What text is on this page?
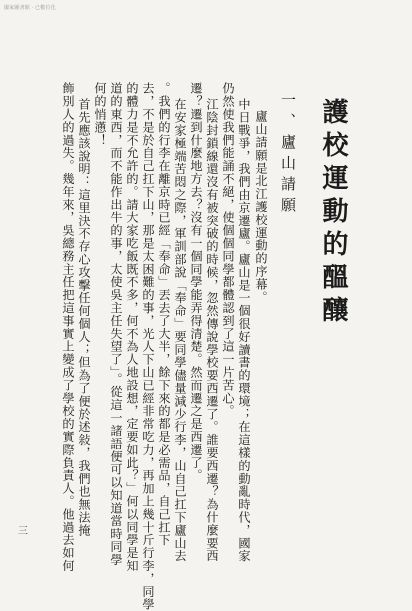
國家圖書館 · 已數位化
護校運動的醞釀
一、廬山請願
廬山請願是北江護校運動的序幕。
中日戰爭，我們由京遷廬。廬山是一個很好讀書的環境；在這樣的動亂時代，國家
仍然使我們能誦不絕，使個個同學都體認到了這一片苦心。
江陰封鎖線還沒有被突破的時候，忽然傳說學校要西遷了。誰要西遷？為什麼要西
遷？遷到什麼地方去？沒有一個同學能弄得清楚。然而遷之是西遷了。
在安家極端苦悶之際，軍訓部說「奉命」要同學儘量減少行李，山自己扛下廬山去
。我們的行李在離京時已經「奉命」丟去了大半，餘下來的都是必需品，自己扛下
去，不是於自己扛下山，那是太困難的事，光人下山已經非常吃力，再加上幾十斤行李，同學
的體力是不允許的。請大家吃飯既不多，何不為人地設想，定要如此？」何以同學是知
道的東西，而不能作出牛的事，太使吳主任失望了」。從這一諸語便可以知道當時同學
何的悄懣！
首先應該說明：這里決不存心攻擊任何個人；但為了便於述敍，我們也無法掩
飾別人的過失。幾年來，吳總務主任把這事實上變成了學校的實際負責人。他過去如何
三
